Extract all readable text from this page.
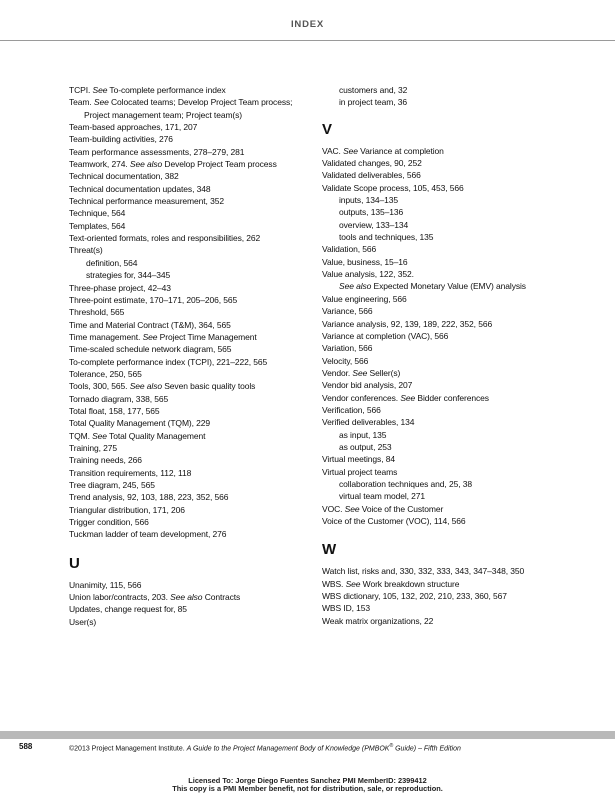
INDEX
TCPI. See To-complete performance index
Team. See Colocated teams; Develop Project Team process;
Project management team; Project team(s)
Team-based approaches, 171, 207
Team-building activities, 276
Team performance assessments, 278–279, 281
Teamwork, 274. See also Develop Project Team process
Technical documentation, 382
Technical documentation updates, 348
Technical performance measurement, 352
Technique, 564
Templates, 564
Text-oriented formats, roles and responsibilities, 262
Threat(s)
definition, 564
strategies for, 344–345
Three-phase project, 42–43
Three-point estimate, 170–171, 205–206, 565
Threshold, 565
Time and Material Contract (T&M), 364, 565
Time management. See Project Time Management
Time-scaled schedule network diagram, 565
To-complete performance index (TCPI), 221–222, 565
Tolerance, 250, 565
Tools, 300, 565. See also Seven basic quality tools
Tornado diagram, 338, 565
Total float, 158, 177, 565
Total Quality Management (TQM), 229
TQM. See Total Quality Management
Training, 275
Training needs, 266
Transition requirements, 112, 118
Tree diagram, 245, 565
Trend analysis, 92, 103, 188, 223, 352, 566
Triangular distribution, 171, 206
Trigger condition, 566
Tuckman ladder of team development, 276
U
Unanimity, 115, 566
Union labor/contracts, 203. See also Contracts
Updates, change request for, 85
User(s)
customers and, 32
in project team, 36
V
VAC. See Variance at completion
Validated changes, 90, 252
Validated deliverables, 566
Validate Scope process, 105, 453, 566
inputs, 134–135
outputs, 135–136
overview, 133–134
tools and techniques, 135
Validation, 566
Value, business, 15–16
Value analysis, 122, 352.
See also Expected Monetary Value (EMV) analysis
Value engineering, 566
Variance, 566
Variance analysis, 92, 139, 189, 222, 352, 566
Variance at completion (VAC), 566
Variation, 566
Velocity, 566
Vendor. See Seller(s)
Vendor bid analysis, 207
Vendor conferences. See Bidder conferences
Verification, 566
Verified deliverables, 134
as input, 135
as output, 253
Virtual meetings, 84
Virtual project teams
collaboration techniques and, 25, 38
virtual team model, 271
VOC. See Voice of the Customer
Voice of the Customer (VOC), 114, 566
W
Watch list, risks and, 330, 332, 333, 343, 347–348, 350
WBS. See Work breakdown structure
WBS dictionary, 105, 132, 202, 210, 233, 360, 567
WBS ID, 153
Weak matrix organizations, 22
588	©2013 Project Management Institute. A Guide to the Project Management Body of Knowledge (PMBOK® Guide) – Fifth Edition
Licensed To: Jorge Diego Fuentes Sanchez PMI MemberID: 2399412
This copy is a PMI Member benefit, not for distribution, sale, or reproduction.
